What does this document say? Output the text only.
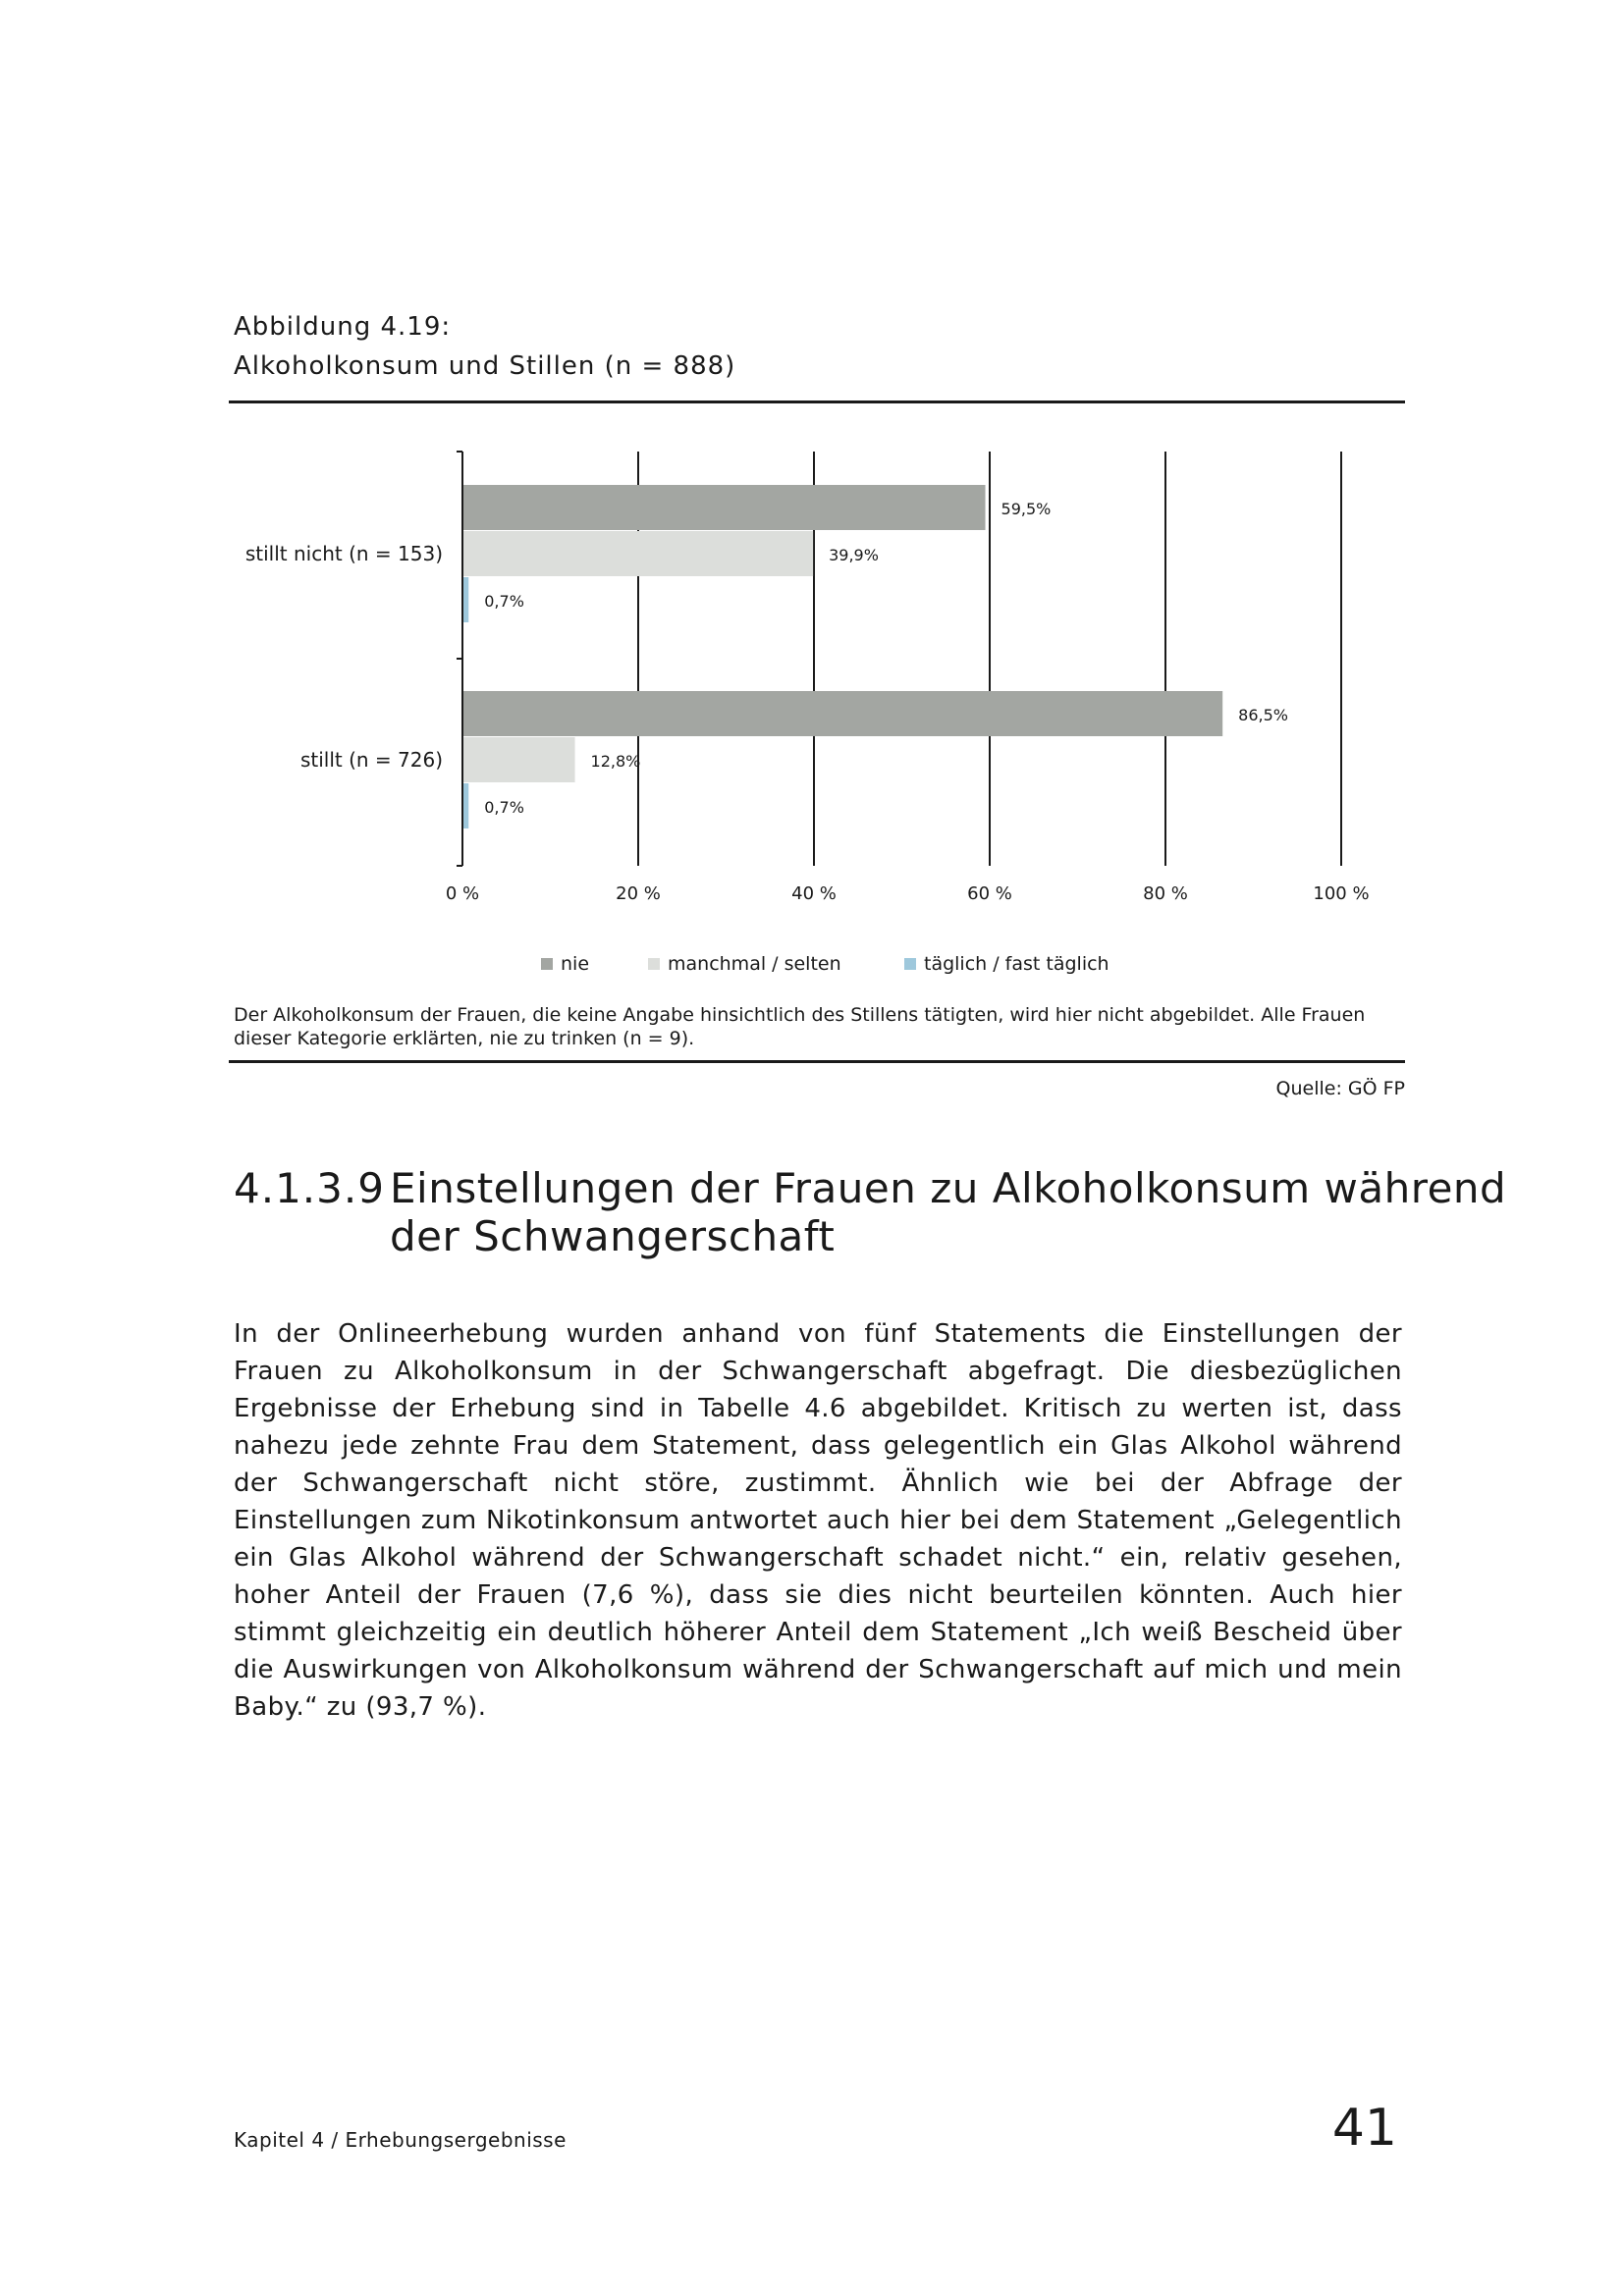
Abbildung 4.19:
Alkoholkonsum und Stillen (n = 888)
59,5%
39,9%
0,7%
stillt nicht (n = 153)
86,5%
12,8%
0,7%
stillt (n = 726)
0 %	20 %	40 %	60 %	80 %	100 %
nie	manchmal / selten	täglich / fast täglich
Der Alkoholkonsum der Frauen, die keine Angabe hinsichtlich des Stillens tätigten, wird hier nicht abgebildet. Alle Frauen dieser Kategorie erklärten, nie zu trinken (n = 9).
Quelle: GÖ FP
4.1.3.9 Einstellungen der Frauen zu Alkoholkonsum während
der Schwangerschaft
In der Onlineerhebung wurden anhand von fünf Statements die Einstellungen der Frauen zu Alkoholkonsum in der Schwangerschaft abgefragt. Die diesbezüglichen Ergebnisse der Erhebung sind in Tabelle 4.6 abgebildet. Kritisch zu werten ist, dass nahezu jede zehnte Frau dem Statement, dass gelegentlich ein Glas Alkohol während der Schwangerschaft nicht störe, zustimmt. Ähnlich wie bei der Abfrage der Einstellungen zum Nikotinkonsum antwortet auch hier bei dem Statement „Gelegentlich ein Glas Alkohol während der Schwangerschaft schadet nicht.“ ein, relativ gesehen, hoher Anteil der Frauen (7,6 %), dass sie dies nicht beurteilen könnten. Auch hier stimmt gleichzeitig ein deutlich höherer Anteil dem Statement „Ich weiß Bescheid über die Auswirkungen von Alkoholkonsum während der Schwangerschaft auf mich und mein Baby.“ zu (93,7 %).
Kapitel 4 / Erhebungsergebnisse	41
